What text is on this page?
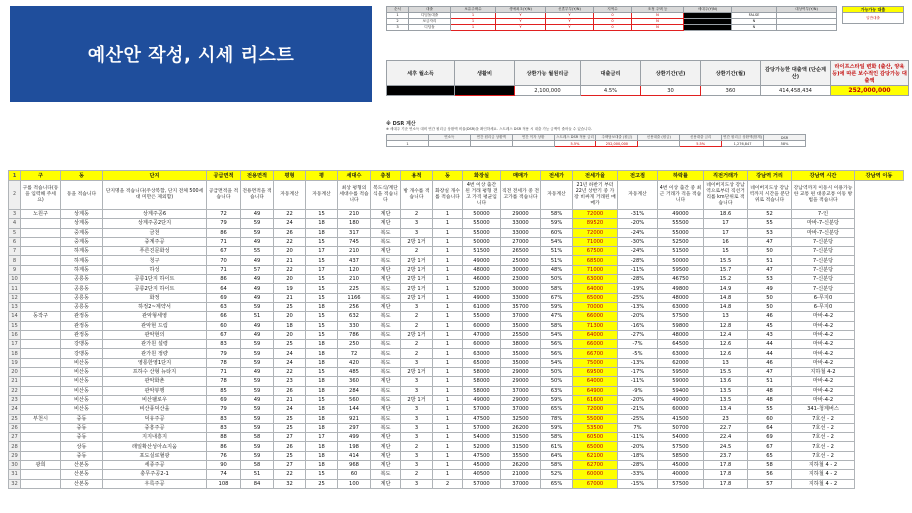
예산안 작성, 시세 리스트
순서	대출	보유주택수	생애최초(Y/N)	신혼부부(Y/N)	지역수	조정 주택 등	세대주(Y/N)		대상여부(Y/N)
1	디딤돌대출	1	Y	Y	0	N		FALSE	
2	보금자리	1	Y	Y	0	N		N	
3	디딤돌	1	Y	Y	0	N		N	
가능가능 대출
일반대출
세후 월소득	생활비	상환가능 월원리금	대출금리	상환기간(년)	상환기간(월)	감당가능한 대출액 (단순계산)	라이프스타일 변화 (출산, 양육 등)에 따른 보수적인 감당가능 대출액
		2,100,000	4.5%	30	360	414,458,434	252,000,000
※ DSR 계산
※ 세대주 기준 연소득 대비 연간 원리금 상환액 비율(DSR)을 확인하세요. 스트레스 DSR 적용 시 대출 가능 금액이 줄어들 수 있습니다.
	연소득	연간 원리금 상환액	연간 이자 상환	스트레스 DSR 적용 금리	주택담보대출 (원금)	신용대출 (원금)	신용대출 금리	연간 원리금 상환액(합계)	DSR
1				5.5%	252,000,000		5.5%	1,276,847	58%
1	구	동	단지	공급면적	전용면적	평형	평	세대수	층점	용적	동	화장실	매매가	전세가	전세가율	전고점	하락률	직전거래가	강남역 거리	강남역 시간	강남역 이동
2	구를 적습니다(동을 입력해 주세요)	동을 적습니다	단지명을 적습니다(주상복합, 단지 전체 500세대 미만은 제외함)	공급면적을 적습니다	전용면적을 적습니다	자동계산	자동계산	최상 평형의 세대수를 적습니다	복도식/계단식을 적습니다	방 개수를 적습니다	화장실 개수를 적습니다	4번 이상 출간 된 거래 평형 전고 가격 평균입니다	직전 전세가 중 전고가를 적습니다	자동계산	21년 하반기 부터 22년 상반기 중 가장 비싸게 거래된 매매가	자동계산	4번 이상 출간 중 최근 거래가 격을 적습니다	네이버지도상 강남역으로부터 직선거리를 km단위로 적습니다	네이버지도상 강남역까지 시간을 분단위로 적습니다	강남역까지 이동시 이용가능한 교통 편 대중교통 이동 방법을 적습니다	
3	노원구	상계동	상계주공6	72	49	22	15	210	계단	2	1	50000	29000	58%	72000	-31%	49000	18.6	52	7-인	
4		상계동	상계주공2단지	79	59	24	18	180	계단	3	1	55000	33000	59%	89520	-20%	55500	17	55	마바-7-신분당	
5		중계동	금천	86	59	26	18	317	복도	3	1	55000	33000	60%	72000	-24%	55000	17	53	마바-7-신분당	
6		중계동	중계주공	71	49	22	15	745	복도	2방 1거	1	50000	27000	54%	71000	-30%	52500	16	47	7-신분당	
7		하계동	푸른진문화성	67	55	20	17	210	계단	2	1	51500	26500	51%	67500	-24%	51500	15	50	7-신분당	
8		하계동	청구	70	49	21	15	437	복도	2방 1거	1	49000	25000	51%	68500	-28%	50000	15.5	51	7-신분당	
9		하계동	하성	71	57	22	17	120	계단	2방 1거	1	48000	30000	48%	71000	-11%	59500	15.7	47	7-신분당	
10		공릉동	공릉1단지 하이트	86	49	20	15	210	계단	2방 1거	1	46000	23000	50%	63000	-28%	46750	15.2	53	7-신분당	
11		공릉동	공릉2단지 하이트	64	49	19	15	225	복도	2방 1거	1	52000	30000	58%	64000	-19%	49800	14.9	49	7-신분당	
12		공릉동	화정	69	49	21	15	1166	복도	2방 1거	1	49000	33000	67%	65000	-25%	48000	14.8	50	6-무지0	
13		공릉동	하정2~계약서	63	59	25	18	256	계단	3	1	61000	35700	59%	70000	-13%	63000	14.8	50	6-무지0	
14	동작구	관정동	관악형세영	66	51	20	15	632	복도	2	1	55000	37000	47%	66000	-20%	57500	13	46	마바-4-2	
15		관정동	관악현 드림	60	49	18	15	330	복도	2	1	60000	35000	58%	71300	-16%	59800	12.8	45	마바-4-2	
16		관정동	관악현의	67	49	20	15	786	복도	2방 1거	1	47000	25500	54%	64000	-27%	48000	12.4	43	마바-4-2	
17		강맹동	관가원 설령	83	59	25	18	250	복도	2	1	60000	38000	56%	66000	-7%	64500	12.6	44	마바-4-2	
18		강맹동	관가원 정량	79	59	24	18	72	복도	2	1	63000	35000	56%	66700	-5%	63000	12.6	44	마바-4-2	
19		비산동	영롱한영1단지	78	59	24	18	420	복도	3	1	65000	35000	54%	75000	-13%	62000	13	46	마바-4-2	
20		비산동	프하수 산형 뉴타지	71	49	22	15	485	복도	2방 1거	1	58000	29000	50%	69500	-17%	59500	15.5	47	지하철 4-2	
21		비산동	관악화촌	78	59	23	18	360	계단	3	1	58000	29000	50%	64000	-11%	59000	13.6	51	마바-4-2	
22		비산동	관악뷰행	85	59	26	18	284	복도	3	1	58000	37000	63%	64900	-9%	59400	13.5	48	마바-4-2	
23		비산동	비산팰로우	69	49	21	15	560	복도	2방 1거	1	49000	29000	59%	61600	-20%	49000	13.5	48	마바-4-2	
24		비산동	비산풍덕산을	79	59	24	18	144	계단	3	1	57000	37000	65%	72000	-21%	60000	13.4	55	341-청계버스	
25	부천시	중동	덕유주공	83	59	25	18	921	복도	3	1	47500	32500	78%	55000	-25%	41500	23	60	7호선 - 2	
26		중동	중흥주공	83	59	25	18	297	복도	3	1	57000	26200	59%	53500	7%	50700	22.7	64	7호선 - 2	
27		중동	지지내흥지	88	58	27	17	499	계단	3	1	54000	31500	58%	60500	-11%	54000	22.4	69	7호선 - 2	
28		상동	래일확산성아쇼지움	86	59	26	18	198	계단	2	1	52000	31500	61%	65000	-20%	57500	24.5	67	7호선 - 2	
29		중동	포도실로혈광	76	59	25	18	414	계단	3	1	47500	35500	64%	62100	-18%	58500	23.7	65	7호선 - 2	
30	광희	산본동	세종주공	90	58	27	18	968	계단	3	1	45000	26200	58%	62700	-28%	45000	17.8	58	지하철 4 - 2	
31		산본동	충무주공2-1	74	51	22	15	60	복도	2	1	40500	21000	52%	60000	-33%	40000	17.8	56	지하철 4 - 2	
32		산본동	우륵주공	108	84	32	25	100	계단	3	2	57000	37000	65%	67000	-15%	57500	17.8	57	지하철 4 - 2	
